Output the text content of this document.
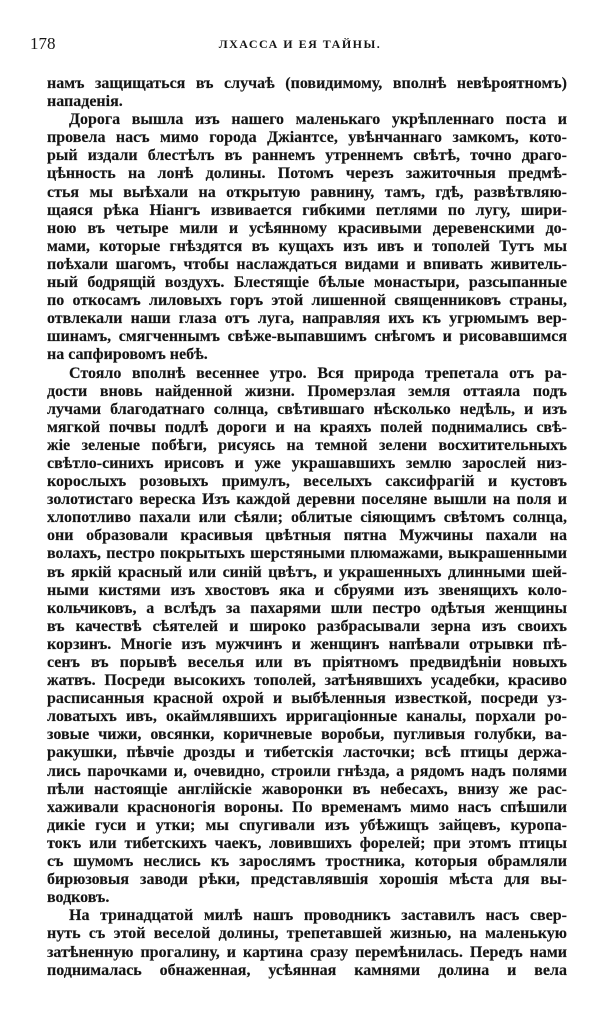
178	ЛХАССА И ЕЯ ТАЙНЫ.
намъ защищаться въ случаѣ (повидимому, вполнѣ невѣроятномъ)
нападенія.
Дорога вышла изъ нашего маленькаго укрѣпленнаго поста и
провела насъ мимо города Джіантсе, увѣнчаннаго замкомъ, кото-
рый издали блестѣлъ въ раннемъ утреннемъ свѣтѣ, точно драго-
цѣнность на лонѣ долины. Потомъ черезъ зажиточныя предмѣ-
стья мы выѣхали на открытую равнину, тамъ, гдѣ, развѣтвляю-
щаяся рѣка Ніангъ извивается гибкими петлями по лугу, шири-
ною въ четыре мили и усѣянному красивыми деревенскими до-
мами, которые гнѣздятся въ кущахъ изъ ивъ и тополей Тутъ мы
поѣхали шагомъ, чтобы наслаждаться видами и впивать живитель-
ный бодрящій воздухъ. Блестящіе бѣлые монастыри, разсыпанные
по откосамъ лиловыхъ горъ этой лишенной священниковъ страны,
отвлекали наши глаза отъ луга, направляя ихъ къ угрюмымъ вер-
шинамъ, смягченнымъ свѣже-выпавшимъ снѣгомъ и рисовавшимся
на сапфировомъ небѣ.
Стояло вполнѣ весеннее утро. Вся природа трепетала отъ ра-
дости вновь найденной жизни. Промерзлая земля оттаяла подъ
лучами благодатнаго солнца, свѣтившаго нѣсколько недѣль, и изъ
мягкой почвы подлѣ дороги и на краяхъ полей поднимались свѣ-
жіе зеленые побѣги, рисуясь на темной зелени восхитительныхъ
свѣтло-синихъ ирисовъ и уже украшавшихъ землю зарослей низ-
корослыхъ розовыхъ примулъ, веселыхъ саксифрагій и кустовъ
золотистаго вереска Изъ каждой деревни поселяне вышли на поля и
хлопотливо пахали или сѣяли; облитые сіяющимъ свѣтомъ солнца,
они образовали красивыя цвѣтныя пятна Мужчины пахали на
волахъ, пестро покрытыхъ шерстяными плюмажами, выкрашенными
въ яркій красный или синій цвѣтъ, и украшенныхъ длинными шей-
ными кистями изъ хвостовъ яка и сбруями изъ звенящихъ коло-
кольчиковъ, а вслѣдъ за пахарями шли пестро одѣтыя женщины
въ качествѣ сѣятелей и широко разбрасывали зерна изъ своихъ
корзинъ. Многіе изъ мужчинъ и женщинъ напѣвали отрывки пѣ-
сенъ въ порывѣ веселья или въ пріятномъ предвидѣніи новыхъ
жатвъ. Посреди высокихъ тополей, затѣнявшихъ усадебки, красиво
расписанныя красной охрой и выбѣленныя известкой, посреди уз-
ловатыхъ ивъ, окаймлявшихъ ирригаціонные каналы, порхали ро-
зовые чижи, овсянки, коричневые воробьи, пугливыя голубки, ва-
ракушки, пѣвчіе дрозды и тибетскія ласточки; всѣ птицы держа-
лись парочками и, очевидно, строили гнѣзда, а рядомъ надъ полями
пѣли настоящіе англійскіе жаворонки въ небесахъ, внизу же рас-
хаживали красноногія вороны. По временамъ мимо насъ спѣшили
дикіе гуси и утки; мы спугивали изъ убѣжищъ зайцевъ, куропа-
токъ или тибетскихъ чаекъ, ловившихъ форелей; при этомъ птицы
съ шумомъ неслись къ зарослямъ тростника, которыя обрамляли
бирюзовыя заводи рѣки, представлявшія хорошія мѣста для вы-
водковъ.
На тринадцатой милѣ нашъ проводникъ заставилъ насъ свер-
нуть съ этой веселой долины, трепетавшей жизнью, на маленькую
затѣненную прогалину, и картина сразу перемѣнилась. Передъ нами
поднималась обнаженная, усѣянная камнями долина и вела
